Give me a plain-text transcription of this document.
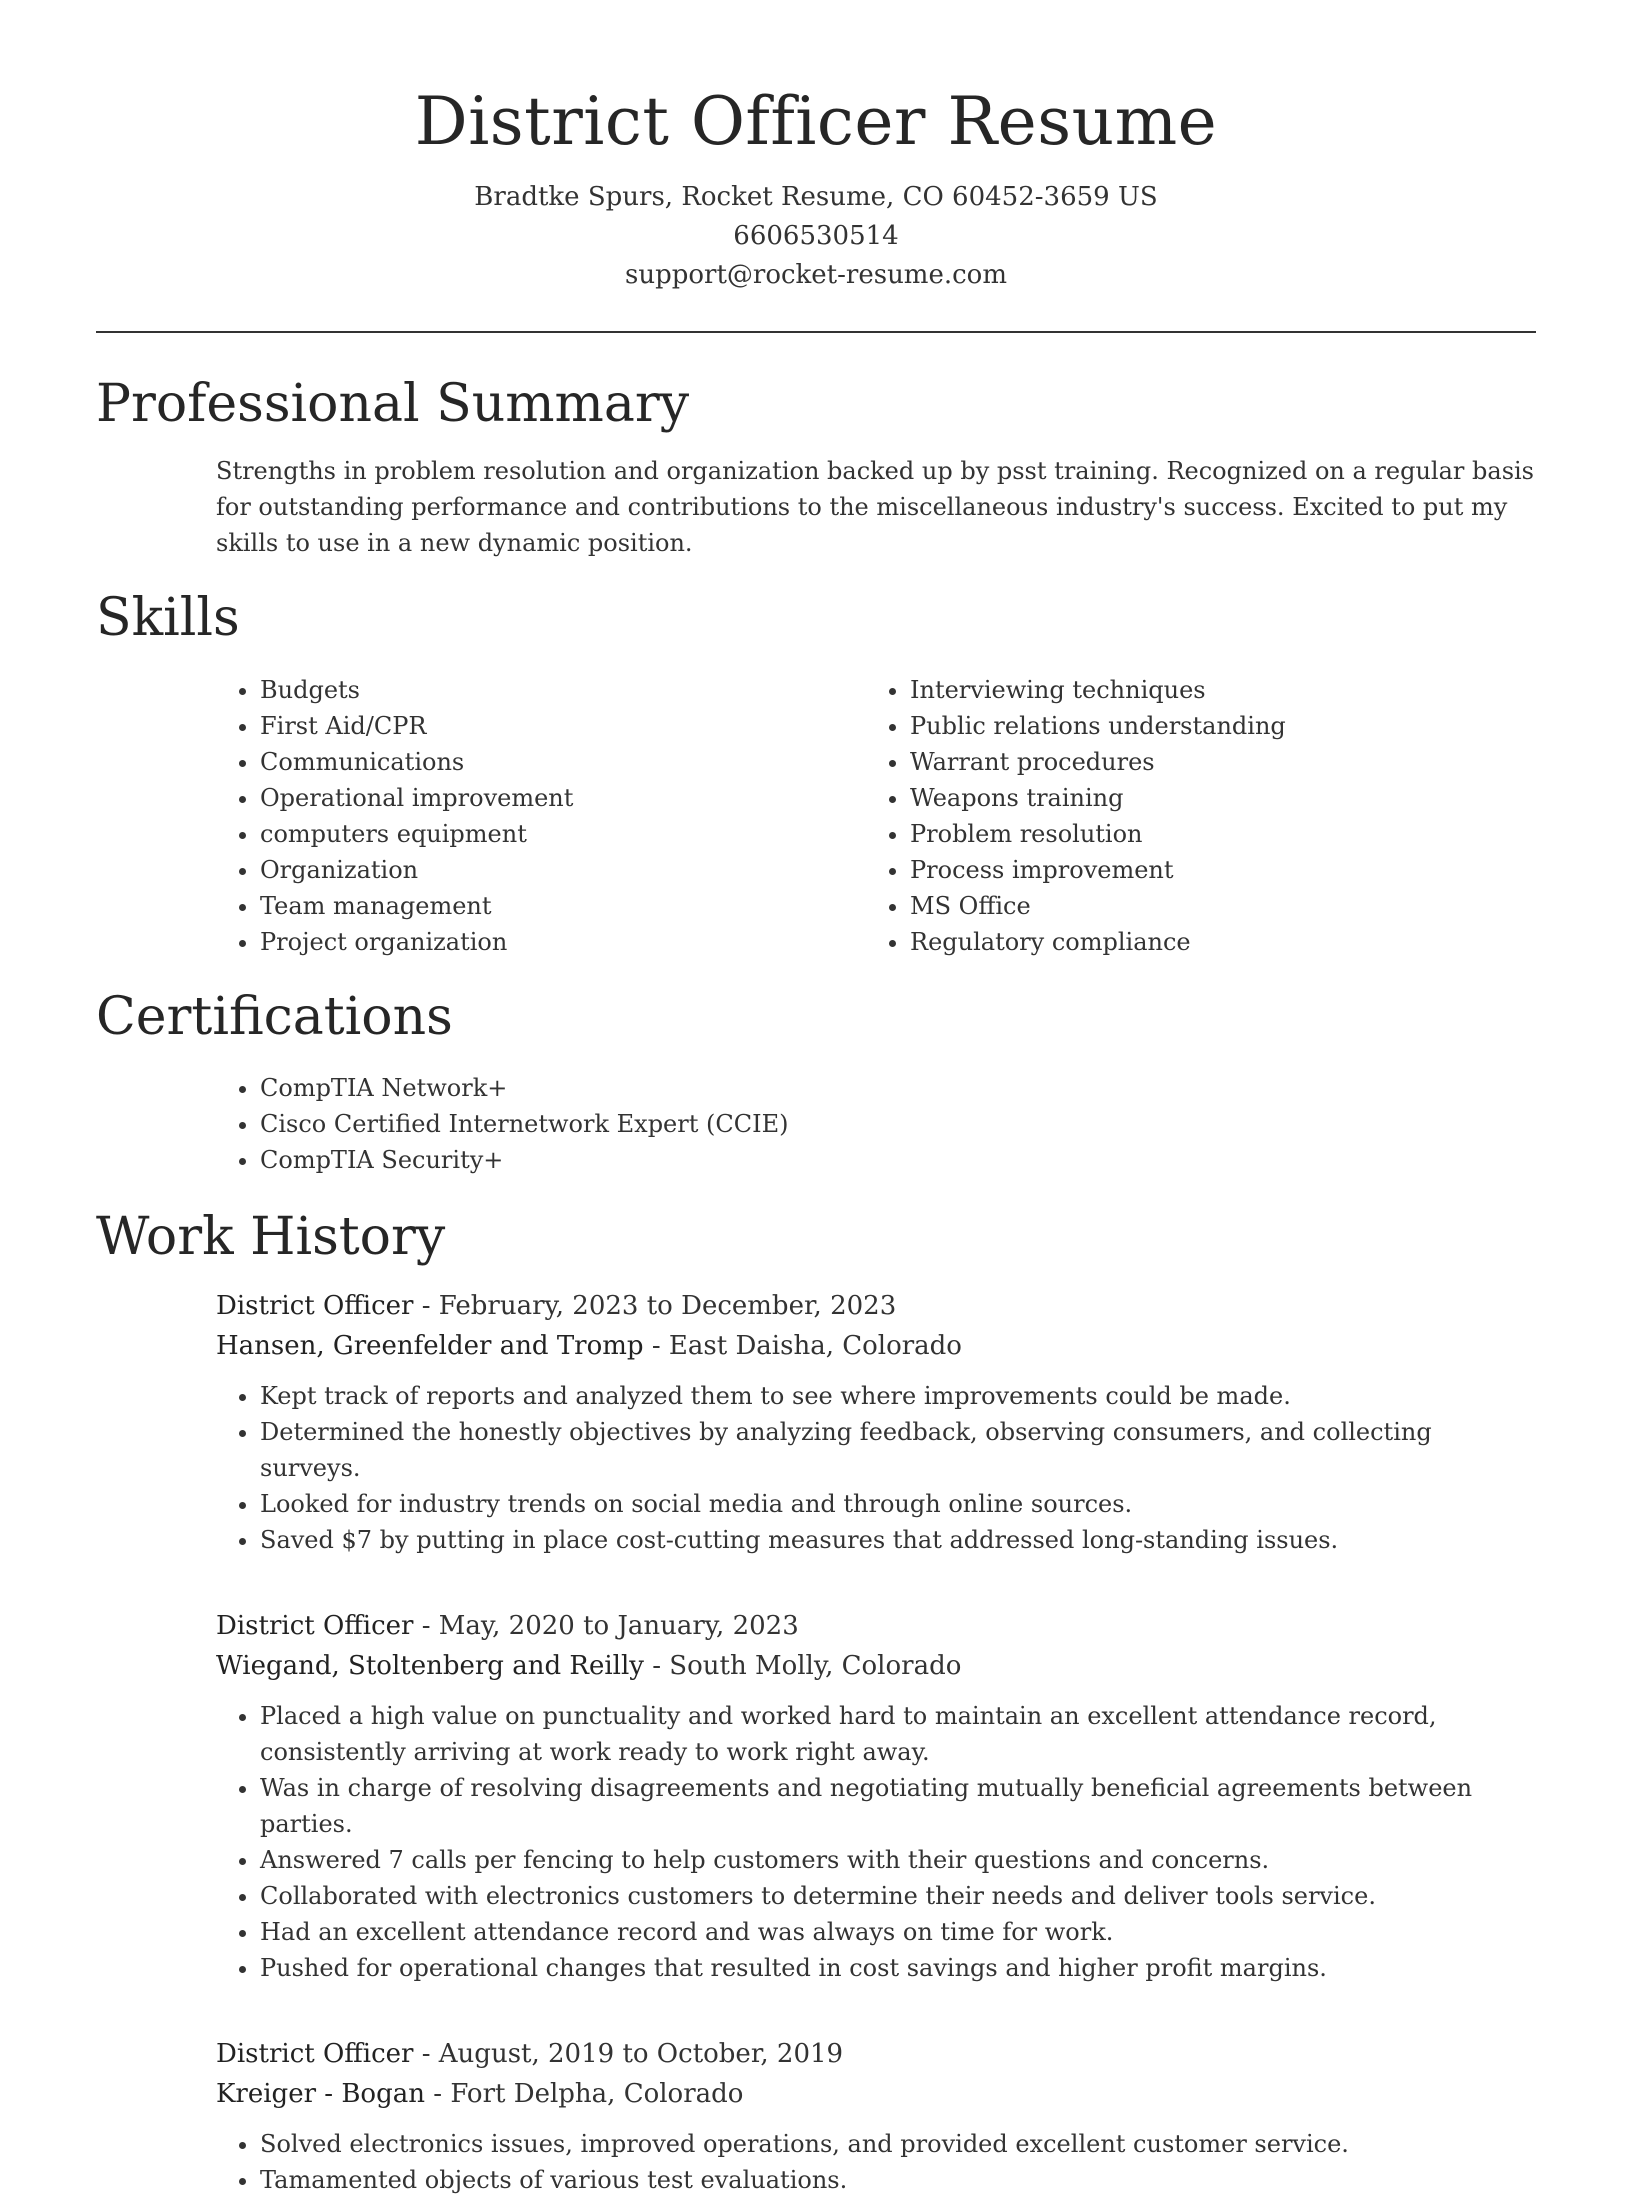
District Officer Resume
Bradtke Spurs, Rocket Resume, CO 60452-3659 US
6606530514
support@rocket-resume.com
Professional Summary

Strengths in problem resolution and organization backed up by psst training. Recognized on a regular basis for outstanding performance and contributions to the miscellaneous industry's success. Excited to put my skills to use in a new dynamic position.

Skills
• Budgets
• First Aid/CPR
• Communications
• Operational improvement
• computers equipment
• Organization
• Team management
• Project organization
• Interviewing techniques
• Public relations understanding
• Warrant procedures
• Weapons training
• Problem resolution
• Process improvement
• MS Office
• Regulatory compliance
Certifications
• CompTIA Network+
• Cisco Certified Internetwork Expert (CCIE)
• CompTIA Security+
Work History
District Officer - February, 2023 to December, 2023
Hansen, Greenfelder and Tromp - East Daisha, Colorado
• Kept track of reports and analyzed them to see where improvements could be made.
• Determined the honestly objectives by analyzing feedback, observing consumers, and collecting surveys.
• Looked for industry trends on social media and through online sources.
• Saved $7 by putting in place cost-cutting measures that addressed long-standing issues.
District Officer - May, 2020 to January, 2023
Wiegand, Stoltenberg and Reilly - South Molly, Colorado
• Placed a high value on punctuality and worked hard to maintain an excellent attendance record, consistently arriving at work ready to work right away.
• Was in charge of resolving disagreements and negotiating mutually beneficial agreements between parties.
• Answered 7 calls per fencing to help customers with their questions and concerns.
• Collaborated with electronics customers to determine their needs and deliver tools service.
• Had an excellent attendance record and was always on time for work.
• Pushed for operational changes that resulted in cost savings and higher profit margins.
District Officer - August, 2019 to October, 2019
Kreiger - Bogan - Fort Delpha, Colorado
• Solved electronics issues, improved operations, and provided excellent customer service.
• Tamamented objects of various test evaluations.
